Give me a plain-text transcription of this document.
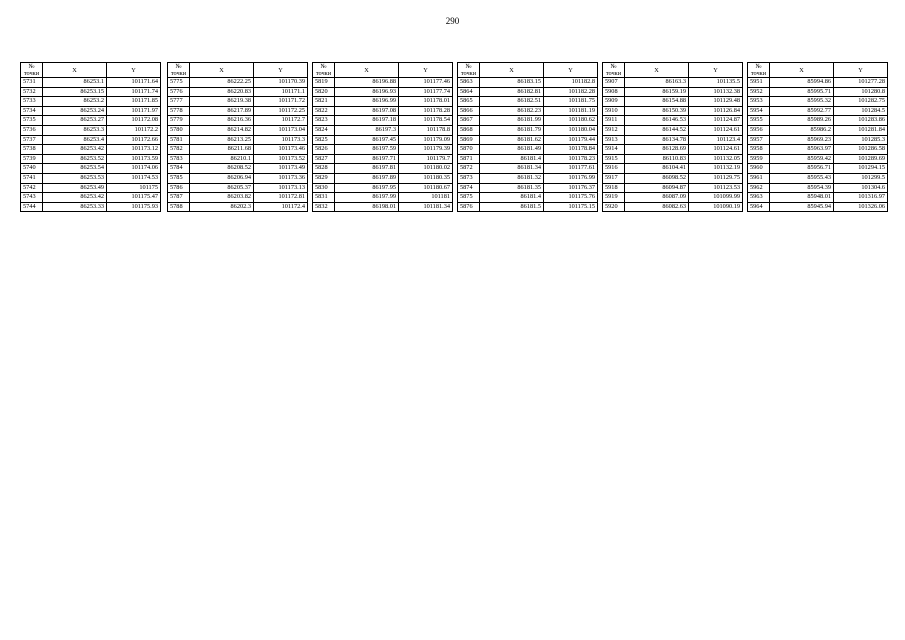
290
№
точки	X	Y
5731	86253.1	101171.64
5732	86253.15	101171.74
5733	86253.2	101171.85
5734	86253.24	101171.97
5735	86253.27	101172.08
5736	86253.3	101172.2
5737	86253.4	101172.66
5738	86253.42	101173.12
5739	86253.52	101173.59
5740	86253.54	101174.06
5741	86253.53	101174.53
5742	86253.49	101175
5743	86253.42	101175.47
5744	86253.33	101175.93
№
точки	X	Y
5775	86222.25	101170.39
5776	86220.83	101171.1
5777	86219.38	101171.72
5778	86217.89	101172.25
5779	86216.36	101172.7
5780	86214.82	101173.04
5781	86213.25	101173.3
5782	86211.68	101173.46
5783	86210.1	101173.52
5784	86208.52	101173.49
5785	86206.94	101173.36
5786	86205.37	101173.13
5787	86203.82	101172.81
5788	86202.3	101172.4
№
точки	X	Y
5819	86196.88	101177.46
5820	86196.93	101177.74
5821	86196.99	101178.01
5822	86197.08	101178.28
5823	86197.18	101178.54
5824	86197.3	101178.8
5825	86197.45	101179.09
5826	86197.59	101179.39
5827	86197.71	101179.7
5828	86197.81	101180.02
5829	86197.89	101180.35
5830	86197.95	101180.67
5831	86197.99	101181
5832	86198.01	101181.34
№
точки	X	Y
5863	86183.15	101182.8
5864	86182.81	101182.28
5865	86182.51	101181.75
5866	86182.23	101181.19
5867	86181.99	101180.62
5868	86181.79	101180.04
5869	86181.62	101179.44
5870	86181.49	101178.84
5871	86181.4	101178.23
5872	86181.34	101177.61
5873	86181.32	101176.99
5874	86181.35	101176.37
5875	86181.4	101175.76
5876	86181.5	101175.15
№
точки	X	Y
5907	86163.3	101135.5
5908	86159.19	101132.38
5909	86154.88	101129.48
5910	86150.39	101126.84
5911	86146.53	101124.87
5912	86144.52	101124.61
5913	86134.78	101123.4
5914	86128.69	101124.61
5915	86110.83	101132.05
5916	86104.41	101132.19
5917	86098.52	101129.75
5918	86094.87	101123.53
5919	86087.09	101099.99
5920	86082.63	101090.19
№
точки	X	Y
5951	85994.86	101277.28
5952	85995.71	101280.8
5953	85995.32	101282.75
5954	85992.77	101284.5
5955	85989.26	101283.86
5956	85986.2	101281.84
5957	85969.23	101285.3
5958	85963.97	101286.58
5959	85959.42	101289.69
5960	85956.71	101294.15
5961	85955.43	101299.5
5962	85954.39	101304.6
5963	85948.01	101316.97
5964	85945.94	101326.06
